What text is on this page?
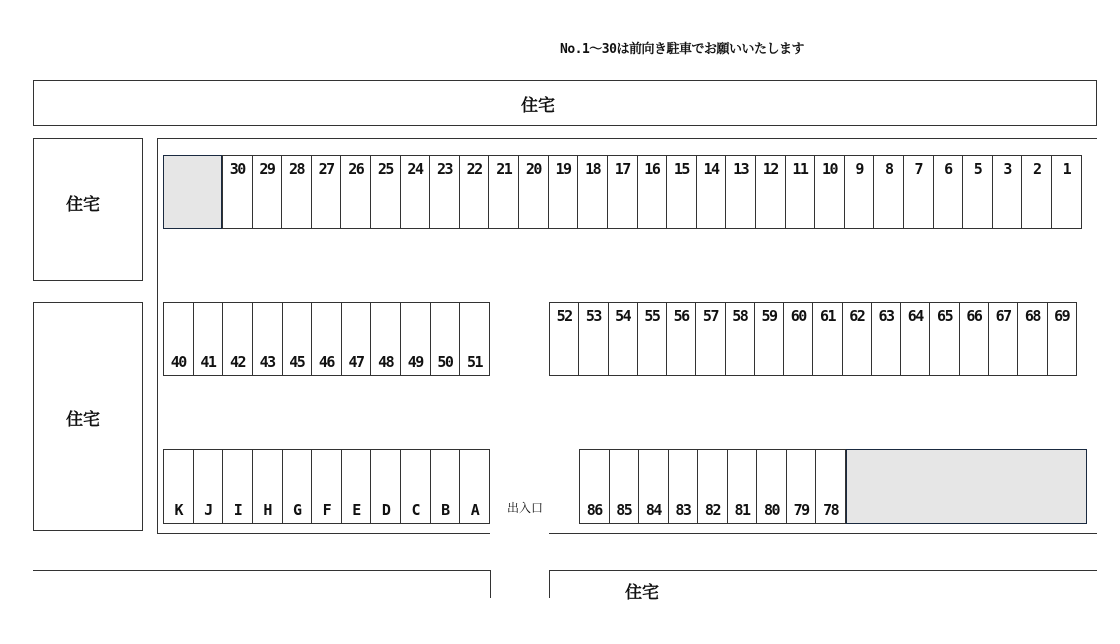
No.1～30は前向き駐車でお願いいたします
住宅
住宅
住宅
住宅
30 29 28 27 26 25 24 23 22 21 20 19 18 17 16 15 14 13 12 11 10	9	8	7	6	5	3	2	1
40 41 42 43 45 46 47 48 49 50 51
52 53 54 55 56 57 58 59 60 61 62 63 64 65 66 67 68 69
K	J	I	H	G	F	E	D	C	B	A	86 85 84 83 82 81 80 79 78
出入口
